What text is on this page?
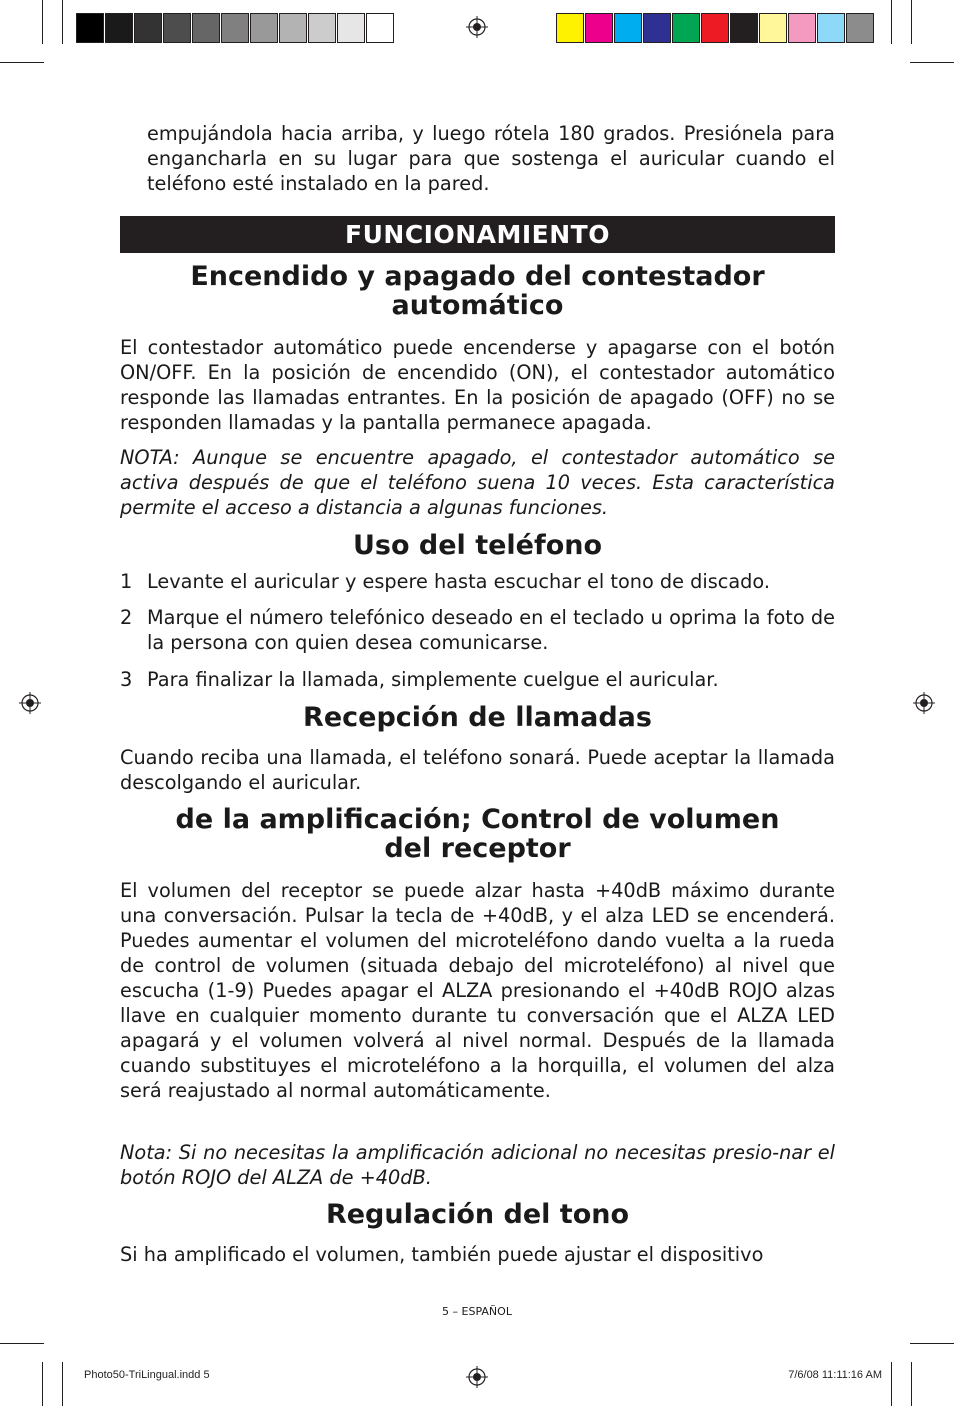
empujándola hacia arriba, y luego rótela 180 grados. Presiónela para engancharla en su lugar para que sostenga el auricular cuando el teléfono esté instalado en la pared.

FUNCIONAMIENTO
Encendido y apagado del contestador
automático

El contestador automático puede encenderse y apagarse con el botón ON/OFF. En la posición de encendido (ON), el contestador automático responde las llamadas entrantes. En la posición de apagado (OFF) no se responden llamadas y la pantalla permanece apagada.

NOTA: Aunque se encuentre apagado, el contestador automático se activa después de que el teléfono suena 10 veces. Esta característica permite el acceso a distancia a algunas funciones.

Uso del teléfono
1 Levante el auricular y espere hasta escuchar el tono de discado.
2 Marque el número telefónico deseado en el teclado u oprima la foto de la persona con quien desea comunicarse.
3 Para finalizar la llamada, simplemente cuelgue el auricular.
Recepción de llamadas

Cuando reciba una llamada, el teléfono sonará. Puede aceptar la llamada descolgando el auricular.

de la amplificación; Control de volumen
del receptor

El volumen del receptor se puede alzar hasta +40dB máximo durante una conversación. Pulsar la tecla de +40dB, y el alza LED se encenderá. Puedes aumentar el volumen del microteléfono dando vuelta a la rueda de control de volumen (situada debajo del microteléfono) al nivel que escucha (1-9) Puedes apagar el ALZA presionando el +40dB ROJO alzas llave en cualquier momento durante tu conversación que el ALZA LED apagará y el volumen volverá al nivel normal. Después de la llamada cuando substituyes el microteléfono a la horquilla, el volumen del alza será reajustado al normal automáticamente.

Nota: Si no necesitas la amplificación adicional no necesitas presio-nar el botón ROJO del ALZA de +40dB.

Regulación del tono

Si ha amplificado el volumen, también puede ajustar el dispositivo

5 – ESPAÑOL
Photo50-TriLingual.indd 5	7/6/08 11:11:16 AM
